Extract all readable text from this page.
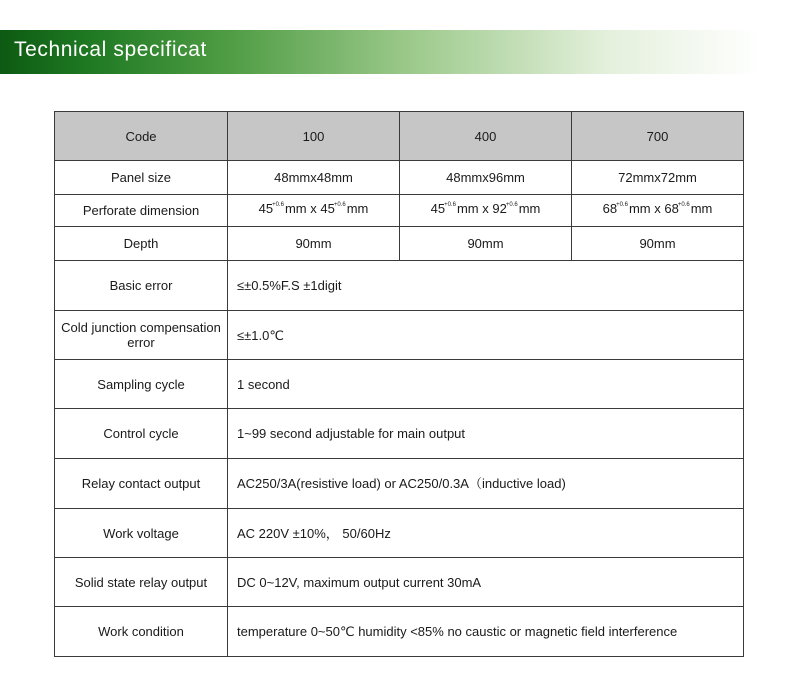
Technical specificat
Code	100	400	700
Panel size	48mmx48mm	48mmx96mm	72mmx72mm
Perforate dimension	$45^{+0.6}mm$ x $45^{+0.6}mm$	$45^{+0.6}mm$ x $92^{+0.6}mm$	$68^{+0.6}mm$ x $68^{+0.6}mm$
Depth	90mm	90mm	90mm
Basic error	≤±0.5%F.S ±1digit		
Cold junction compensation error	≤±1.0℃		
Sampling cycle	1 second		
Control cycle	1~99 second adjustable for main output		
Relay contact output	AC250/3A(resistive load) or AC250/0.3A（inductive load)		
Work voltage	AC 220V ±10%， 50/60Hz		
Solid state relay output	DC 0~12V, maximum output current 30mA		
Work condition	temperature 0~50℃ humidity <85% no caustic or magnetic field interference		
